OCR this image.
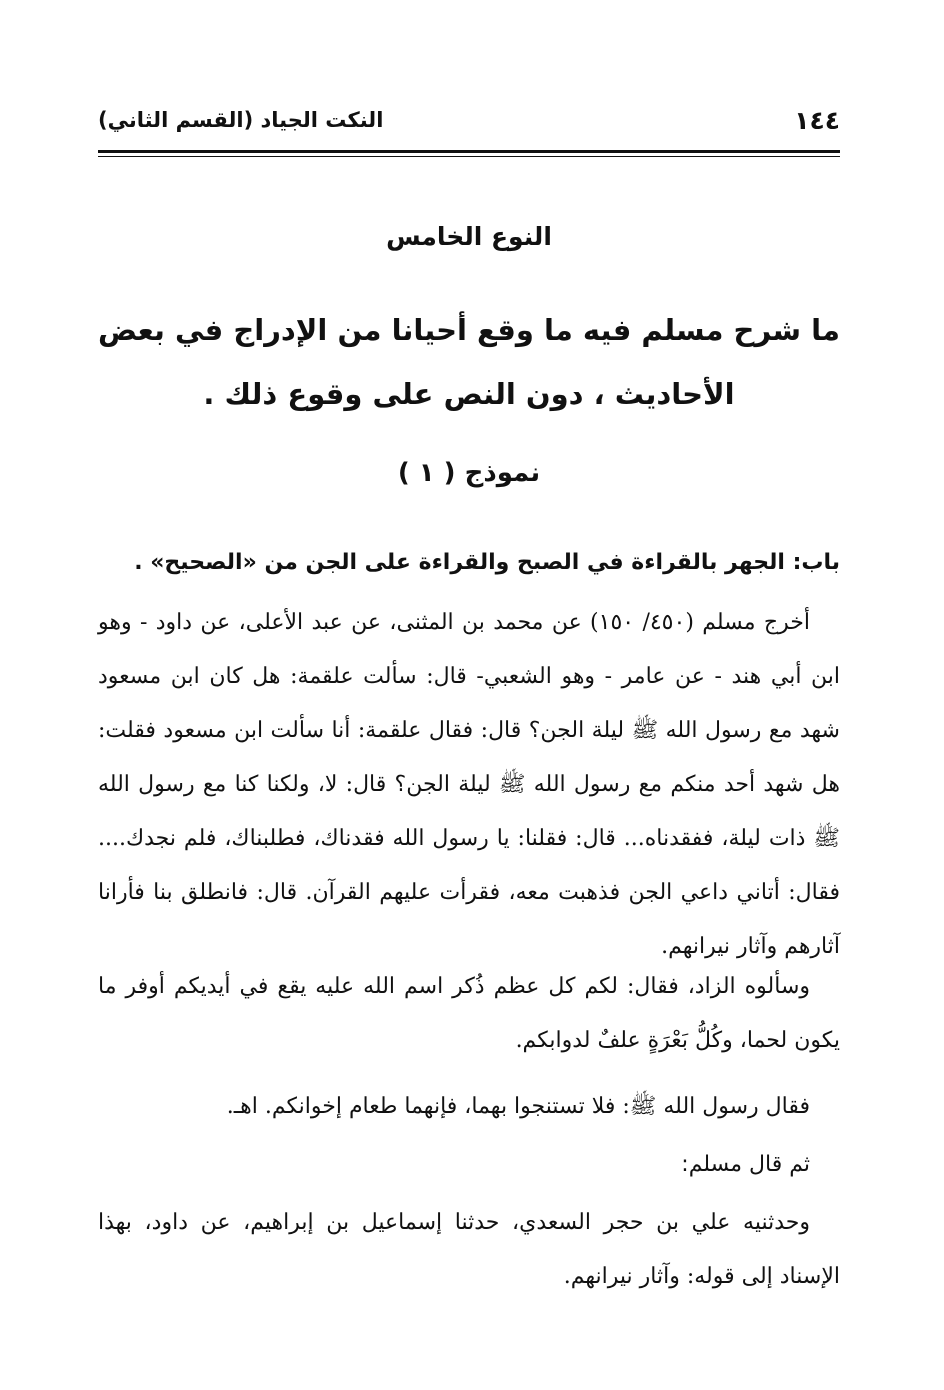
١٤٤
النكت الجياد (القسم الثاني)
النوع الخامس
ما شرح مسلم فيه ما وقع أحيانا من الإدراج في بعض الأحاديث ، دون النص على وقوع ذلك .
نموذج ( ١ )
باب: الجهر بالقراءة في الصبح والقراءة على الجن من «الصحيح» .

أخرج مسلم (٤٥٠/ ١٥٠) عن محمد بن المثنى، عن عبد الأعلى، عن داود - وهو ابن أبي هند - عن عامر - وهو الشعبي- قال: سألت علقمة: هل كان ابن مسعود شهد مع رسول الله ﷺ ليلة الجن؟ قال: فقال علقمة: أنا سألت ابن مسعود فقلت: هل شهد أحد منكم مع رسول الله ﷺ ليلة الجن؟ قال: لا، ولكنا كنا مع رسول الله ﷺ ذات ليلة، ففقدناه... قال: فقلنا: يا رسول الله فقدناك، فطلبناك، فلم نجدك.... فقال: أتاني داعي الجن فذهبت معه، فقرأت عليهم القرآن. قال: فانطلق بنا فأرانا آثارهم وآثار نيرانهم.

وسألوه الزاد، فقال: لكم كل عظم ذُكر اسم الله عليه يقع في أيديكم أوفر ما يكون لحما، وكُلُّ بَعْرَةٍ علفٌ لدوابكم.

فقال رسول الله ﷺ: فلا تستنجوا بهما، فإنهما طعام إخوانكم. اهـ.

ثم قال مسلم:

وحدثنيه علي بن حجر السعدي، حدثنا إسماعيل بن إبراهيم، عن داود، بهذا الإسناد إلى قوله: وآثار نيرانهم.
